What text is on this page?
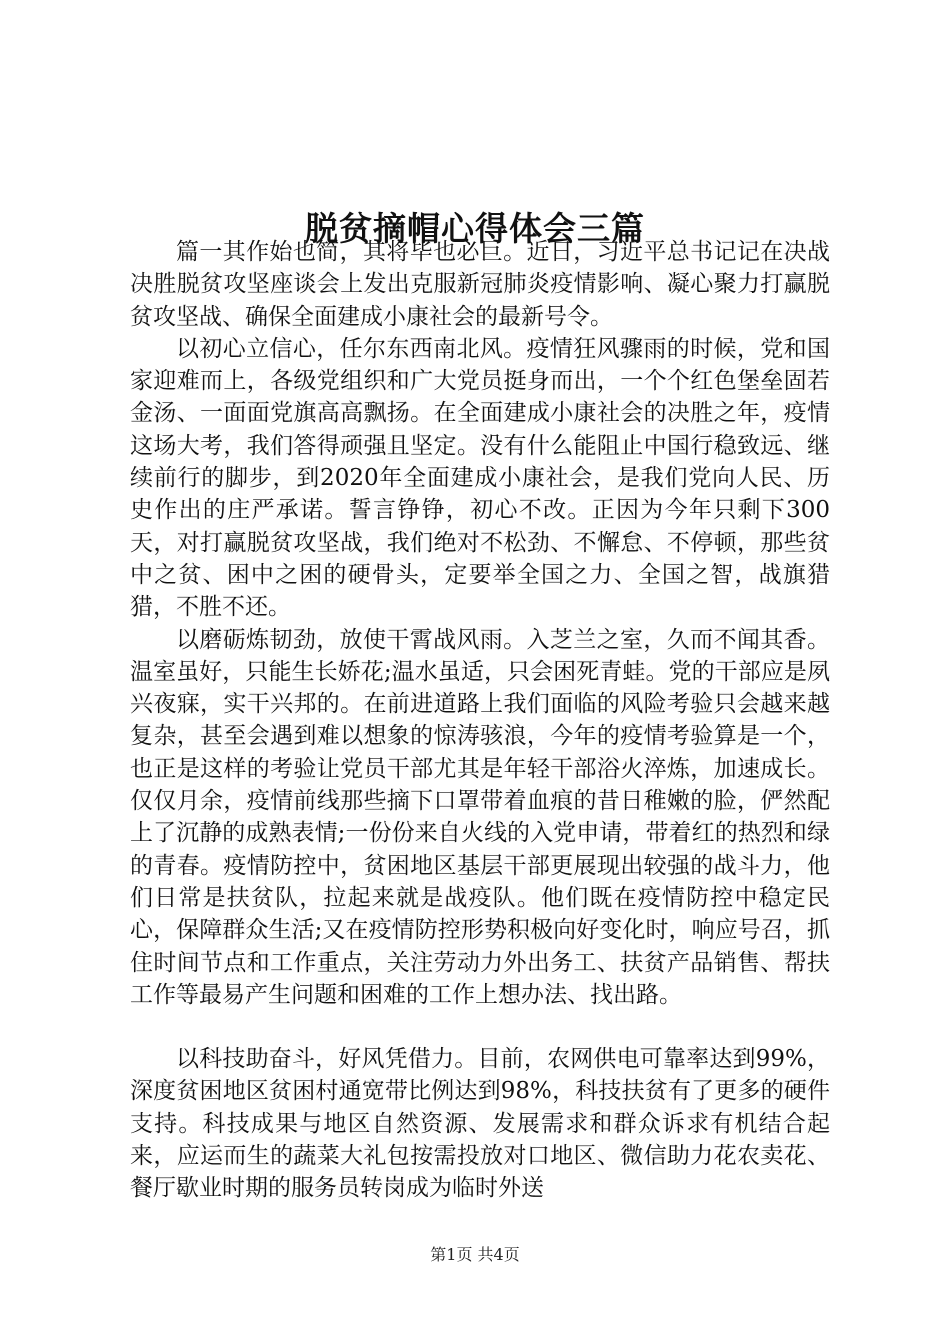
脱贫摘帽心得体会三篇

篇一其作始也简，其将毕也必巨。近日，习近平总书记记在决战决胜脱贫攻坚座谈会上发出克服新冠肺炎疫情影响、凝心聚力打赢脱贫攻坚战、确保全面建成小康社会的最新号令。

以初心立信心，任尔东西南北风。疫情狂风骤雨的时候，党和国家迎难而上，各级党组织和广大党员挺身而出，一个个红色堡垒固若金汤、一面面党旗高高飘扬。在全面建成小康社会的决胜之年，疫情这场大考，我们答得顽强且坚定。没有什么能阻止中国行稳致远、继续前行的脚步，到2020年全面建成小康社会，是我们党向人民、历史作出的庄严承诺。誓言铮铮，初心不改。正因为今年只剩下300天，对打赢脱贫攻坚战，我们绝对不松劲、不懈怠、不停顿，那些贫中之贫、困中之困的硬骨头，定要举全国之力、全国之智，战旗猎猎，不胜不还。

以磨砺炼韧劲，放使干霄战风雨。入芝兰之室，久而不闻其香。温室虽好，只能生长娇花;温水虽适，只会困死青蛙。党的干部应是夙兴夜寐，实干兴邦的。在前进道路上我们面临的风险考验只会越来越复杂，甚至会遇到难以想象的惊涛骇浪，今年的疫情考验算是一个，也正是这样的考验让党员干部尤其是年轻干部浴火淬炼，加速成长。仅仅月余，疫情前线那些摘下口罩带着血痕的昔日稚嫩的脸，俨然配上了沉静的成熟表情;一份份来自火线的入党申请，带着红的热烈和绿的青春。疫情防控中，贫困地区基层干部更展现出较强的战斗力，他们日常是扶贫队，拉起来就是战疫队。他们既在疫情防控中稳定民心，保障群众生活;又在疫情防控形势积极向好变化时，响应号召，抓住时间节点和工作重点，关注劳动力外出务工、扶贫产品销售、帮扶工作等最易产生问题和困难的工作上想办法、找出路。

以科技助奋斗，好风凭借力。目前，农网供电可靠率达到99%，深度贫困地区贫困村通宽带比例达到98%，科技扶贫有了更多的硬件支持。科技成果与地区自然资源、发展需求和群众诉求有机结合起来，应运而生的蔬菜大礼包按需投放对口地区、微信助力花农卖花、餐厅歇业时期的服务员转岗成为临时外送

第1页 共4页
